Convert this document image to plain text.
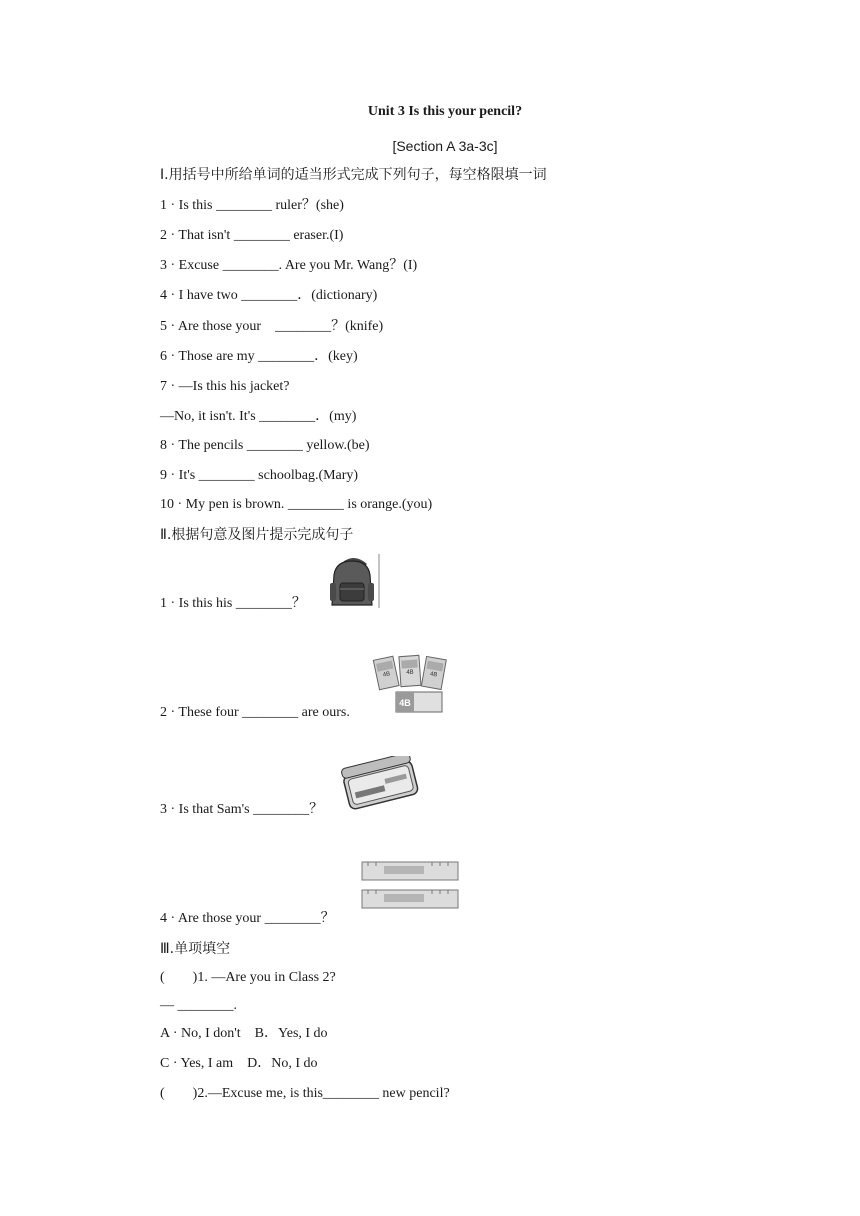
Unit 3 Is this your pencil?
[Section A 3a-3c]
Ⅰ.用括号中所给单词的适当形式完成下列句子，每空格限填一词
1 · Is this ________ ruler？(she)
2 · That isn't ________ eraser.(I)
3 · Excuse ________. Are you Mr. Wang？(I)
4 · I have two ________．(dictionary)
5 · Are those your    ________？(knife)
6 · Those are my ________．(key)
7 · —Is this his jacket?
—No, it isn't. It's ________．(my)
8 · The pencils ________ yellow.(be)
9 · It's ________ schoolbag.(Mary)
10 · My pen is brown. ________ is orange.(you)
Ⅱ.根据句意及图片提示完成句子
1 · Is this his ________？
2 · These four ________ are ours.
4B
4B	4B	4B
3 · Is that Sam's ________？
4 · Are those your ________？
Ⅲ.单项填空
(        )1. —Are you in Class 2?
— ________.
A · No, I don't    B．Yes, I do
C · Yes, I am    D．No, I do
(        )2.—Excuse me, is this________ new pencil?
